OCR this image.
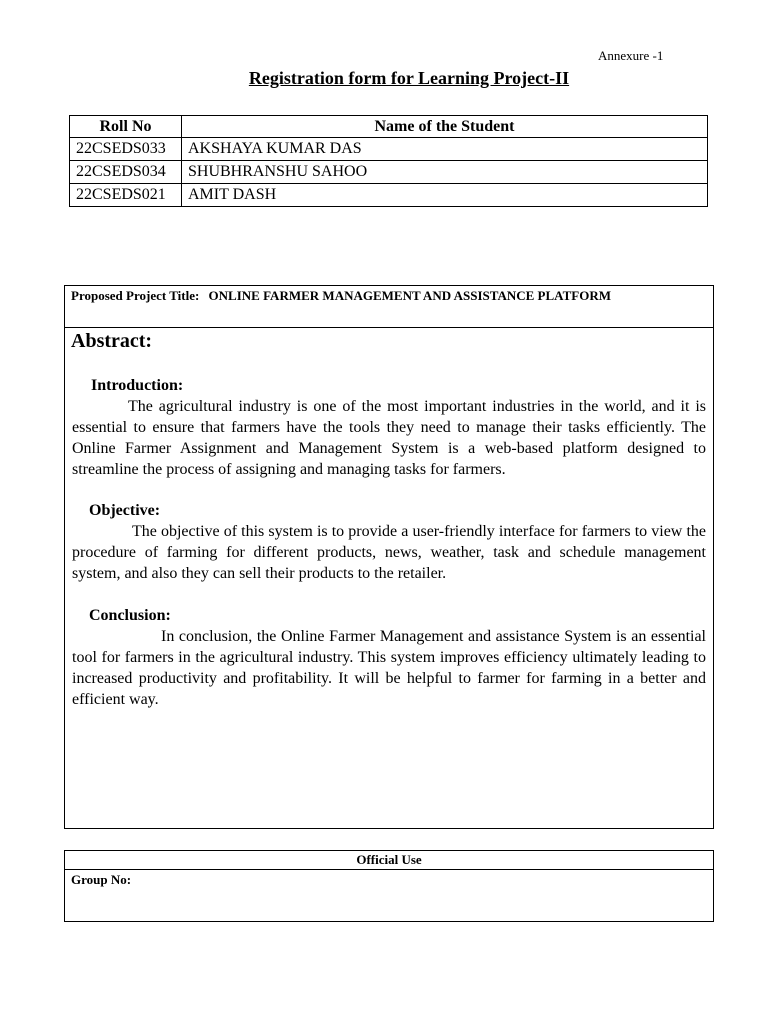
Annexure -1
Registration form for Learning Project-II
Roll No	Name of the Student
22CSEDS033	AKSHAYA KUMAR DAS
22CSEDS034	SHUBHRANSHU SAHOO
22CSEDS021	AMIT DASH
Proposed Project Title: ONLINE FARMER MANAGEMENT AND ASSISTANCE PLATFORM
Abstract:
Introduction:

The agricultural industry is one of the most important industries in the world, and it is essential to ensure that farmers have the tools they need to manage their tasks efficiently. The Online Farmer Assignment and Management System is a web-based platform designed to streamline the process of assigning and managing tasks for farmers.

Objective:

The objective of this system is to provide a user-friendly interface for farmers to view the procedure of farming for different products, news, weather, task and schedule management system, and also they can sell their products to the retailer.

Conclusion:

In conclusion, the Online Farmer Management and assistance System is an essential tool for farmers in the agricultural industry. This system improves efficiency ultimately leading to increased productivity and profitability. It will be helpful to farmer for farming in a better and efficient way.

Official Use
Group No:
